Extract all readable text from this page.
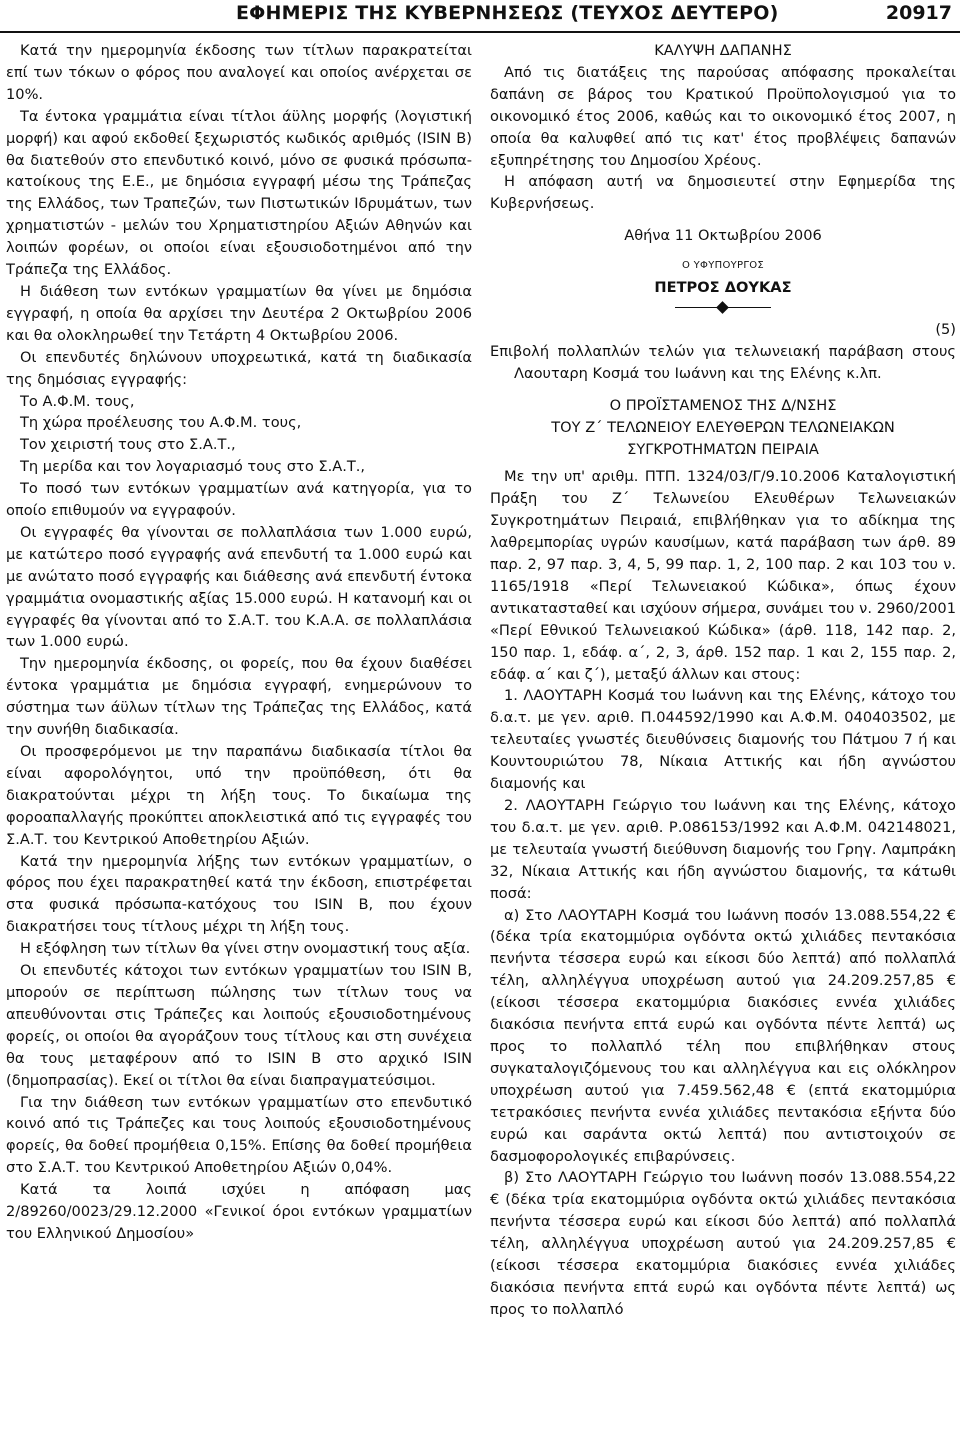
ΕΦΗΜΕΡΙΣ ΤΗΣ ΚΥΒΕΡΝΗΣΕΩΣ (ΤΕΥΧΟΣ ΔΕΥΤΕΡΟ)	20917

Κατά την ημερομηνία έκδοσης των τίτλων παρακρατείται επί των τόκων ο φόρος που αναλογεί και οποίος ανέρχεται σε 10%.

Τα έντοκα γραμμάτια είναι τίτλοι άϋλης μορφής (λογιστική μορφή) και αφού εκδοθεί ξεχωριστός κωδικός αριθμός (ISIN B) θα διατεθούν στο επενδυτικό κοινό, μόνο σε φυσικά πρόσωπα-κατοίκους της Ε.Ε., με δημόσια εγγραφή μέσω της Τράπεζας της Ελλάδος, των Τραπεζών, των Πιστωτικών Ιδρυμάτων, των χρηματιστών - μελών του Χρηματιστηρίου Αξιών Αθηνών και λοιπών φορέων, οι οποίοι είναι εξουσιοδοτημένοι από την Τράπεζα της Ελλάδος.

Η διάθεση των εντόκων γραμματίων θα γίνει με δημόσια εγγραφή, η οποία θα αρχίσει την Δευτέρα 2 Οκτωβρίου 2006 και θα ολοκληρωθεί την Τετάρτη 4 Οκτωβρίου 2006.

Οι επενδυτές δηλώνουν υποχρεωτικά, κατά τη διαδικασία της δημόσιας εγγραφής:

Το Α.Φ.Μ. τους,

Τη χώρα προέλευσης του Α.Φ.Μ. τους,

Τον χειριστή τους στο Σ.Α.Τ.,

Τη μερίδα και τον λογαριασμό τους στο Σ.Α.Τ.,

Το ποσό των εντόκων γραμματίων ανά κατηγορία, για το οποίο επιθυμούν να εγγραφούν.

Οι εγγραφές θα γίνονται σε πολλαπλάσια των 1.000 ευρώ, με κατώτερο ποσό εγγραφής ανά επενδυτή τα 1.000 ευρώ και με ανώτατο ποσό εγγραφής και διάθεσης ανά επενδυτή έντοκα γραμμάτια ονομαστικής αξίας 15.000 ευρώ. Η κατανομή και οι εγγραφές θα γίνονται από το Σ.Α.Τ. του Κ.Α.Α. σε πολλαπλάσια των 1.000 ευρώ.

Την ημερομηνία έκδοσης, οι φορείς, που θα έχουν διαθέσει έντοκα γραμμάτια με δημόσια εγγραφή, ενημερώνουν το σύστημα των άϋλων τίτλων της Τράπεζας της Ελλάδος, κατά την συνήθη διαδικασία.

Οι προσφερόμενοι με την παραπάνω διαδικασία τίτλοι θα είναι αφορολόγητοι, υπό την προϋπόθεση, ότι θα διακρατούνται μέχρι τη λήξη τους. Το δικαίωμα της φοροαπαλλαγής προκύπτει αποκλειστικά από τις εγγραφές του Σ.Α.Τ. του Κεντρικού Αποθετηρίου Αξιών.

Κατά την ημερομηνία λήξης των εντόκων γραμματίων, ο φόρος που έχει παρακρατηθεί κατά την έκδοση, επιστρέφεται στα φυσικά πρόσωπα-κατόχους του ISIN B, που έχουν διακρατήσει τους τίτλους μέχρι τη λήξη τους.

Η εξόφληση των τίτλων θα γίνει στην ονομαστική τους αξία.

Οι επενδυτές κάτοχοι των εντόκων γραμματίων του ISIN B, μπορούν σε περίπτωση πώλησης των τίτλων τους να απευθύνονται στις Τράπεζες και λοιπούς εξουσιοδοτημένους φορείς, οι οποίοι θα αγοράζουν τους τίτλους και στη συνέχεια θα τους μεταφέρουν από το ISIN B στο αρχικό ISIN (δημοπρασίας). Εκεί οι τίτλοι θα είναι διαπραγματεύσιμοι.

Για την διάθεση των εντόκων γραμματίων στο επενδυτικό κοινό από τις Τράπεζες και τους λοιπούς εξουσιοδοτημένους φορείς, θα δοθεί προμήθεια 0,15%. Επίσης θα δοθεί προμήθεια στο Σ.Α.Τ. του Κεντρικού Αποθετηρίου Αξιών 0,04%.

Κατά τα λοιπά ισχύει η απόφαση μας 2/89260/0023/29.12.2000 «Γενικοί όροι εντόκων γραμματίων του Ελληνικού Δημοσίου»

ΚΑΛΥΨΗ ΔΑΠΑΝΗΣ

Από τις διατάξεις της παρούσας απόφασης προκαλείται δαπάνη σε βάρος του Κρατικού Προϋπολογισμού για το οικονομικό έτος 2006, καθώς και το οικονομικό έτος 2007, η οποία θα καλυφθεί από τις κατ' έτος προβλέψεις δαπανών εξυπηρέτησης του Δημοσίου Χρέους.

Η απόφαση αυτή να δημοσιευτεί στην Εφημερίδα της Κυβερνήσεως.

Αθήνα 11 Οκτωβρίου 2006

Ο ΥΦΥΠΟΥΡΓΟΣ

ΠΕΤΡΟΣ ΔΟΥΚΑΣ

(5)

Επιβολή πολλαπλών τελών για τελωνειακή παράβαση στους Λαουταρη Κοσμά του Ιωάννη και της Ελένης κ.λπ.

Ο ΠΡΟΪΣΤΑΜΕΝΟΣ ΤΗΣ Δ/ΝΣΗΣ

ΤΟΥ Ζ΄ ΤΕΛΩΝΕΙΟΥ ΕΛΕΥΘΕΡΩΝ ΤΕΛΩΝΕΙΑΚΩΝ

ΣΥΓΚΡΟΤΗΜΑΤΩΝ ΠΕΙΡΑΙΑ

Με την υπ' αριθμ. ΠΤΠ. 1324/03/Γ/9.10.2006 Καταλογιστική Πράξη του Ζ΄ Τελωνείου Ελευθέρων Τελωνειακών Συγκροτημάτων Πειραιά, επιβλήθηκαν για το αδίκημα της λαθρεμπορίας υγρών καυσίμων, κατά παράβαση των άρθ. 89 παρ. 2, 97 παρ. 3, 4, 5, 99 παρ. 1, 2, 100 παρ. 2 και 103 του ν. 1165/1918 «Περί Τελωνειακού Κώδικα», όπως έχουν αντικατασταθεί και ισχύουν σήμερα, συνάμει του ν. 2960/2001 «Περί Εθνικού Τελωνειακού Κώδικα» (άρθ. 118, 142 παρ. 2, 150 παρ. 1, εδάφ. α΄, 2, 3, άρθ. 152 παρ. 1 και 2, 155 παρ. 2, εδάφ. α΄ και ζ΄), μεταξύ άλλων και στους:

1. ΛΑΟΥΤΑΡΗ Κοσμά του Ιωάννη και της Ελένης, κάτοχο του δ.α.τ. με γεν. αριθ. Π.044592/1990 και Α.Φ.Μ. 040403502, με τελευταίες γνωστές διευθύνσεις διαμονής του Πάτμου 7 ή και Κουντουριώτου 78, Νίκαια Αττικής και ήδη αγνώστου διαμονής και

2. ΛΑΟΥΤΑΡΗ Γεώργιο του Ιωάννη και της Ελένης, κάτοχο του δ.α.τ. με γεν. αριθ. Ρ.086153/1992 και Α.Φ.Μ. 042148021, με τελευταία γνωστή διεύθυνση διαμονής του Γρηγ. Λαμπράκη 32, Νίκαια Αττικής και ήδη αγνώστου διαμονής, τα κάτωθι ποσά:

α) Στο ΛΑΟΥΤΑΡΗ Κοσμά του Ιωάννη ποσόν 13.088.554,22 € (δέκα τρία εκατομμύρια ογδόντα οκτώ χιλιάδες πεντακόσια πενήντα τέσσερα ευρώ και είκοσι δύο λεπτά) από πολλαπλά τέλη, αλληλέγγυα υποχρέωση αυτού για 24.209.257,85 € (είκοσι τέσσερα εκατομμύρια διακόσιες εννέα χιλιάδες διακόσια πενήντα επτά ευρώ και ογδόντα πέντε λεπτά) ως προς το πολλαπλό τέλη που επιβλήθηκαν στους συγκαταλογιζόμενους του και αλληλέγγυα και εις ολόκληρον υποχρέωση αυτού για 7.459.562,48 € (επτά εκατομμύρια τετρακόσιες πενήντα εννέα χιλιάδες πεντακόσια εξήντα δύο ευρώ και σαράντα οκτώ λεπτά) που αντιστοιχούν σε δασμοφορολογικές επιβαρύνσεις.

β) Στο ΛΑΟΥΤΑΡΗ Γεώργιο του Ιωάννη ποσόν 13.088.554,22 € (δέκα τρία εκατομμύρια ογδόντα οκτώ χιλιάδες πεντακόσια πενήντα τέσσερα ευρώ και είκοσι δύο λεπτά) από πολλαπλά τέλη, αλληλέγγυα υποχρέωση αυτού για 24.209.257,85 € (είκοσι τέσσερα εκατομμύρια διακόσιες εννέα χιλιάδες διακόσια πενήντα επτά ευρώ και ογδόντα πέντε λεπτά) ως προς το πολλαπλό
